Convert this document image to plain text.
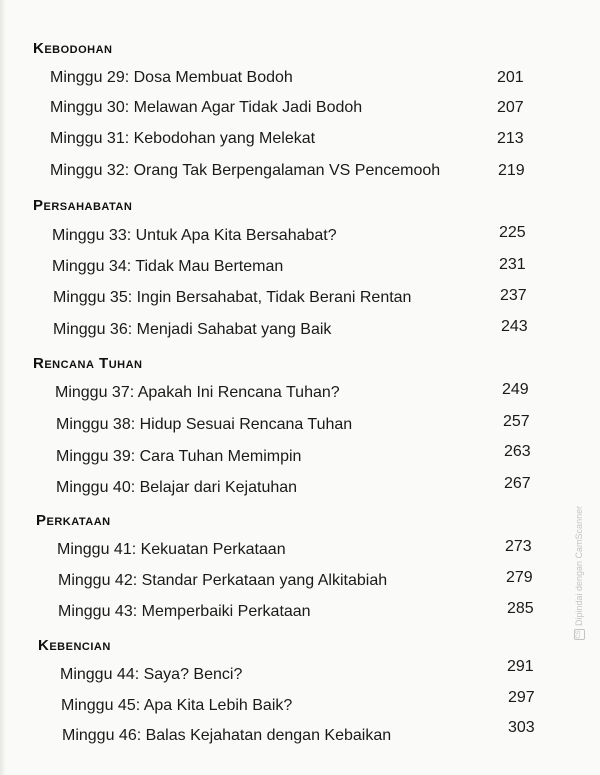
Kebodohan
Minggu 29: Dosa Membuat Bodoh	201
Minggu 30: Melawan Agar Tidak Jadi Bodoh	207
Minggu 31: Kebodohan yang Melekat	213
Minggu 32: Orang Tak Berpengalaman VS Pencemooh	219
Persahabatan
Minggu 33: Untuk Apa Kita Bersahabat?	225
Minggu 34: Tidak Mau Berteman	231
Minggu 35: Ingin Bersahabat, Tidak Berani Rentan	237
Minggu 36: Menjadi Sahabat yang Baik	243
Rencana Tuhan
Minggu 37: Apakah Ini Rencana Tuhan?	249
Minggu 38: Hidup Sesuai Rencana Tuhan	257
Minggu 39: Cara Tuhan Memimpin	263
Minggu 40: Belajar dari Kejatuhan	267
Perkataan
Minggu 41: Kekuatan Perkataan	273
Minggu 42: Standar Perkataan yang Alkitabiah	279
Minggu 43: Memperbaiki Perkataan	285
Kebencian
Minggu 44: Saya? Benci?	291
Minggu 45: Apa Kita Lebih Baik?	297
Minggu 46: Balas Kejahatan dengan Kebaikan	303
CSDipindai dengan CamScanner
